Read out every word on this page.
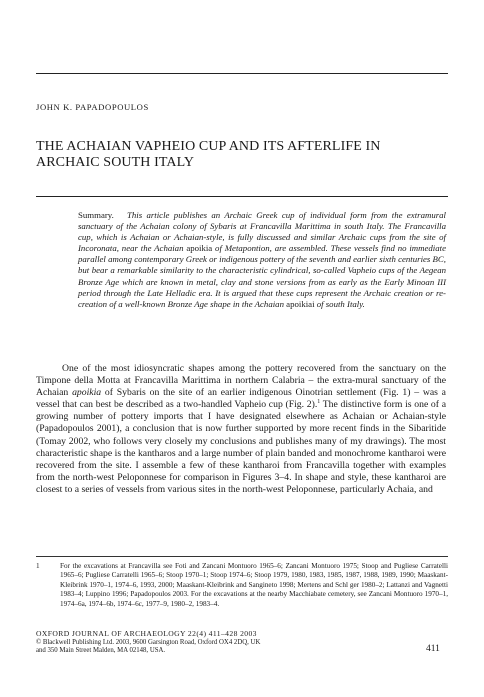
JOHN K. PAPADOPOULOS
THE ACHAIAN VAPHEIO CUP AND ITS AFTERLIFE IN
ARCHAIC SOUTH ITALY
Summary. This article publishes an Archaic Greek cup of individual form from the extramural sanctuary of the Achaian colony of Sybaris at Francavilla Marittima in south Italy. The Francavilla cup, which is Achaian or Achaian-style, is fully discussed and similar Archaic cups from the site of Incoronata, near the Achaian apoikia of Metapontion, are assembled. These vessels find no immediate parallel among contemporary Greek or indigenous pottery of the seventh and earlier sixth centuries BC, but bear a remarkable similarity to the characteristic cylindrical, so-called Vapheio cups of the Aegean Bronze Age which are known in metal, clay and stone versions from as early as the Early Minoan III period through the Late Helladic era. It is argued that these cups represent the Archaic creation or re-creation of a well-known Bronze Age shape in the Achaian apoikiai of south Italy.

One of the most idiosyncratic shapes among the pottery recovered from the sanctuary on the Timpone della Motta at Francavilla Marittima in northern Calabria – the extra-mural sanctuary of the Achaian apoikia of Sybaris on the site of an earlier indigenous Oinotrian settlement (Fig. 1) – was a vessel that can best be described as a two-handled Vapheio cup (Fig. 2).$^1$ The distinctive form is one of a growing number of pottery imports that I have designated elsewhere as Achaian or Achaian-style (Papadopoulos 2001), a conclusion that is now further supported by more recent finds in the Sibaritide (Tomay 2002, who follows very closely my conclusions and publishes many of my drawings). The most characteristic shape is the kantharos and a large number of plain banded and monochrome kantharoi were recovered from the site. I assemble a few of these kantharoi from Francavilla together with examples from the north-west Peloponnese for comparison in Figures 3–4. In shape and style, these kantharoi are closest to a series of vessels from various sites in the north-west Peloponnese, particularly Achaia, and

1	For the excavations at Francavilla see Foti and Zancani Montuoro 1965–6; Zancani Montuoro 1975; Stoop and Pugliese Carratelli 1965–6; Pugliese Carratelli 1965–6; Stoop 1970–1; Stoop 1974–6; Stoop 1979, 1980, 1983, 1985, 1987, 1988, 1989, 1990; Maaskant-Kleibrink 1970–1, 1974–6, 1993, 2000; Maaskant-Kleibrink and Sangineto 1998; Mertens and Schl ger 1980–2; Lattanzi and Vagnetti 1983–4; Luppino 1996; Papadopoulos 2003. For the excavations at the nearby Macchiabate cemetery, see Zancani Montuoro 1970–1, 1974–6a, 1974–6b, 1974–6c, 1977–9, 1980–2, 1983–4.
OXFORD JOURNAL OF ARCHAEOLOGY 22(4) 411–428 2003
© Blackwell Publishing Ltd. 2003, 9600 Garsington Road, Oxford OX4 2DQ, UK
and 350 Main Street Malden, MA 02148, USA.	411
